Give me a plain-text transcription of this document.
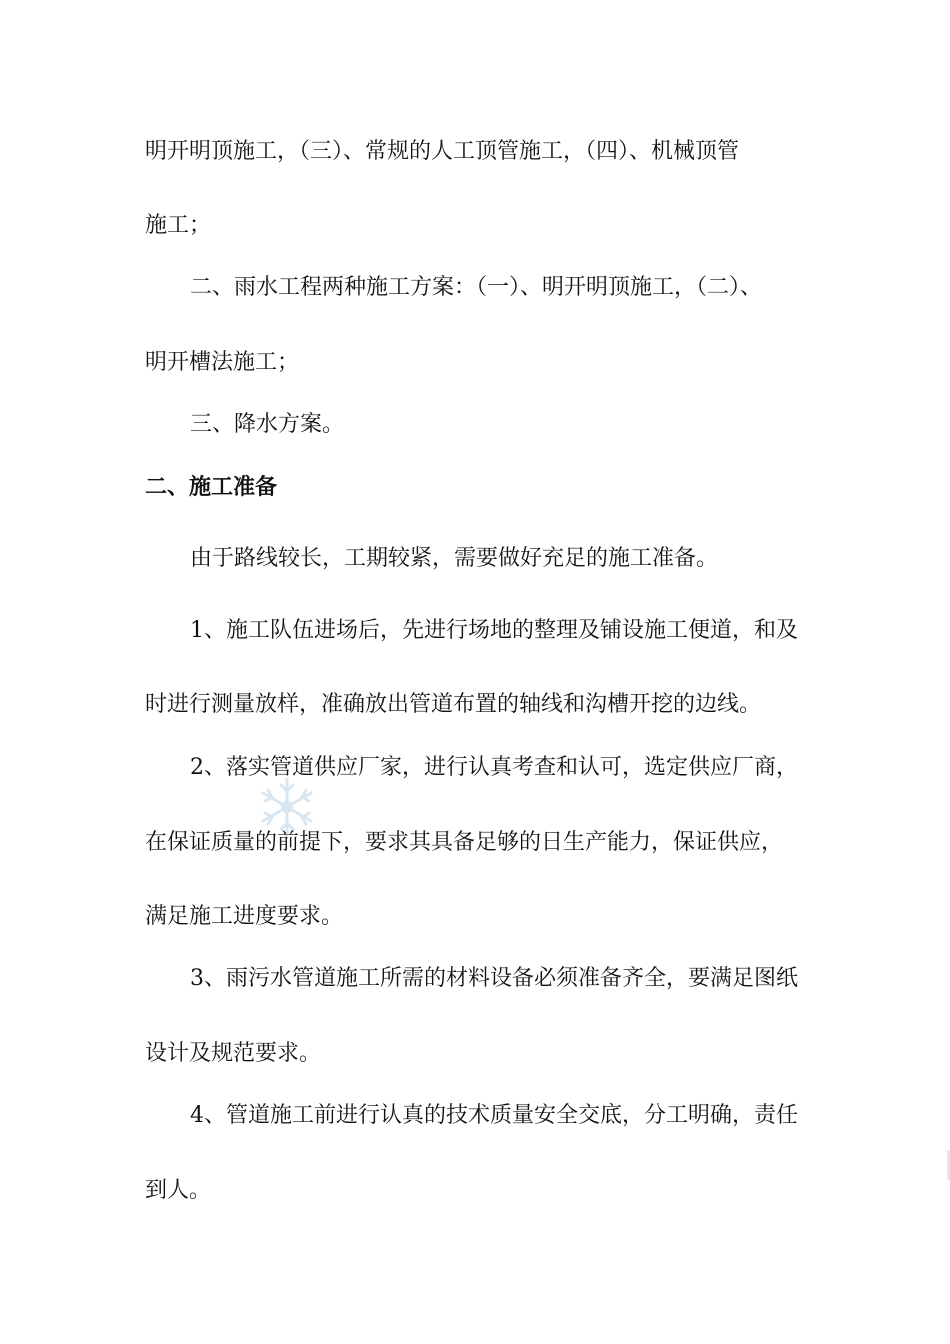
明开明顶施工，（三）、常规的人工顶管施工，（四）、机械顶管
施工；
二、雨水工程两种施工方案：（一）、明开明顶施工，（二）、
明开槽法施工；
三、降水方案。
二、施工准备
由于路线较长，工期较紧，需要做好充足的施工准备。
1、施工队伍进场后，先进行场地的整理及铺设施工便道，和及
时进行测量放样，准确放出管道布置的轴线和沟槽开挖的边线。
2、落实管道供应厂家，进行认真考查和认可，选定供应厂商，
在保证质量的前提下，要求其具备足够的日生产能力，保证供应，
满足施工进度要求。
3、雨污水管道施工所需的材料设备必须准备齐全，要满足图纸
设计及规范要求。
4、管道施工前进行认真的技术质量安全交底，分工明确，责任
到人。
